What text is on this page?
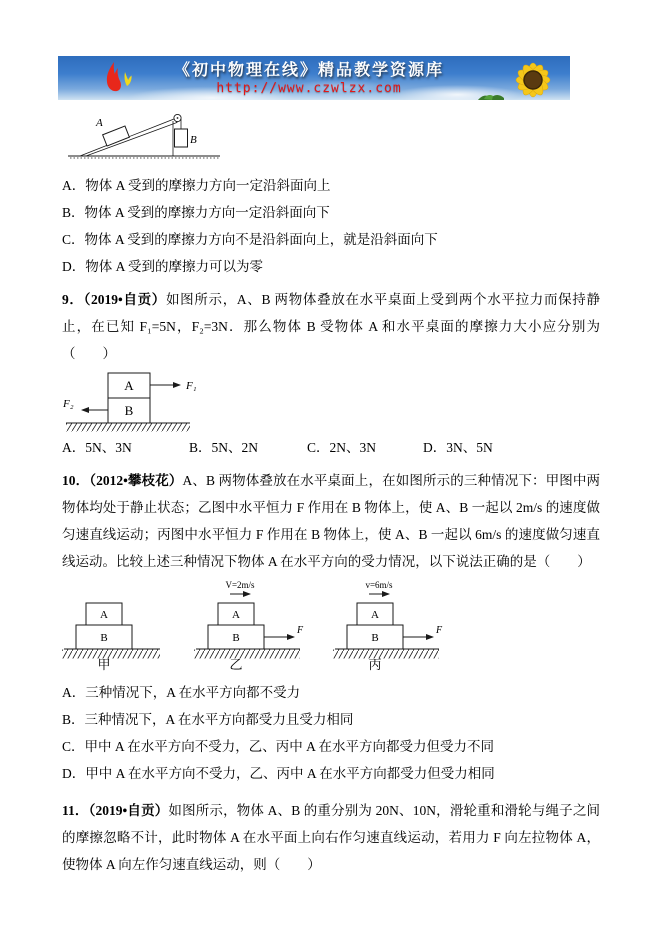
《初中物理在线》精品教学资源库
http://www.czwlzx.com
A
B
A．物体 A 受到的摩擦力方向一定沿斜面向上
B．物体 A 受到的摩擦力方向一定沿斜面向下
C．物体 A 受到的摩擦力方向不是沿斜面向上，就是沿斜面向下
D．物体 A 受到的摩擦力可以为零

9．（2019•自贡）如图所示，A、B 两物体叠放在水平桌面上受到两个水平拉力而保持静止，在已知 F₁=5N，F₂=3N．那么物体 B 受物体 A 和水平桌面的摩擦力大小应分别为（　　）

A
B
F₁
F₂
A．5N、3N	B．5N、2N	C．2N、3N	D．3N、5N

10．（2012•攀枝花）A、B 两物体叠放在水平桌面上，在如图所示的三种情况下：甲图中两物体均处于静止状态；乙图中水平恒力 F 作用在 B 物体上，使 A、B 一起以 2m/s 的速度做匀速直线运动；丙图中水平恒力 F 作用在 B 物体上，使 A、B 一起以 6m/s 的速度做匀速直线运动。比较上述三种情况下物体 A 在水平方向的受力情况，以下说法正确的是（　　）

A
B
甲
A
B
V=2m/s
F
乙
A
B
v=6m/s
F
丙
A．三种情况下，A 在水平方向都不受力
B．三种情况下，A 在水平方向都受力且受力相同
C．甲中 A 在水平方向不受力，乙、丙中 A 在水平方向都受力但受力不同
D．甲中 A 在水平方向不受力，乙、丙中 A 在水平方向都受力但受力相同

11．（2019•自贡）如图所示，物体 A、B 的重分别为 20N、10N，滑轮重和滑轮与绳子之间的摩擦忽略不计，此时物体 A 在水平面上向右作匀速直线运动，若用力 F 向左拉物体 A，使物体 A 向左作匀速直线运动，则（　　）
